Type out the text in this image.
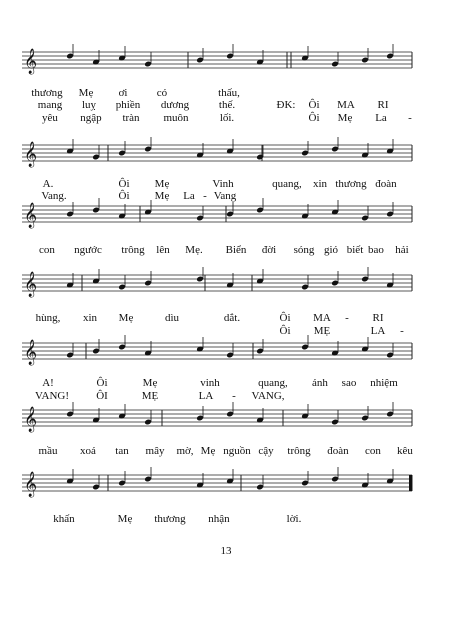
𝄞
𝄞
𝄞
𝄞
𝄞
𝄞
𝄞
thương Mẹ ơi	có	thấu,
mang luỵ phiền dương	thế.	ĐK: Ôi MA RI
yêu ngập tràn muôn	lối.	Ôi Mẹ La -
A.	Ôi Mẹ	Vinh	quang, xin thương đoàn
Vang.	Ôi Mẹ La - Vang
con ngước trông lên Mẹ. Biển đời sóng gió biết bao hải
hùng, xin Mẹ	dìu	dắt.	Ôi MA - RI
Ôi MẸ	LA -
A!	Ôi	Mẹ	vinh	quang, ánh sao nhiệm
VANG! ÔI	MẸ	LA - VANG,
mầu xoá tan mây mờ, Mẹ nguồn cậy trông đoàn con kêu
khấn	Mẹ thương nhận	lời.
13
